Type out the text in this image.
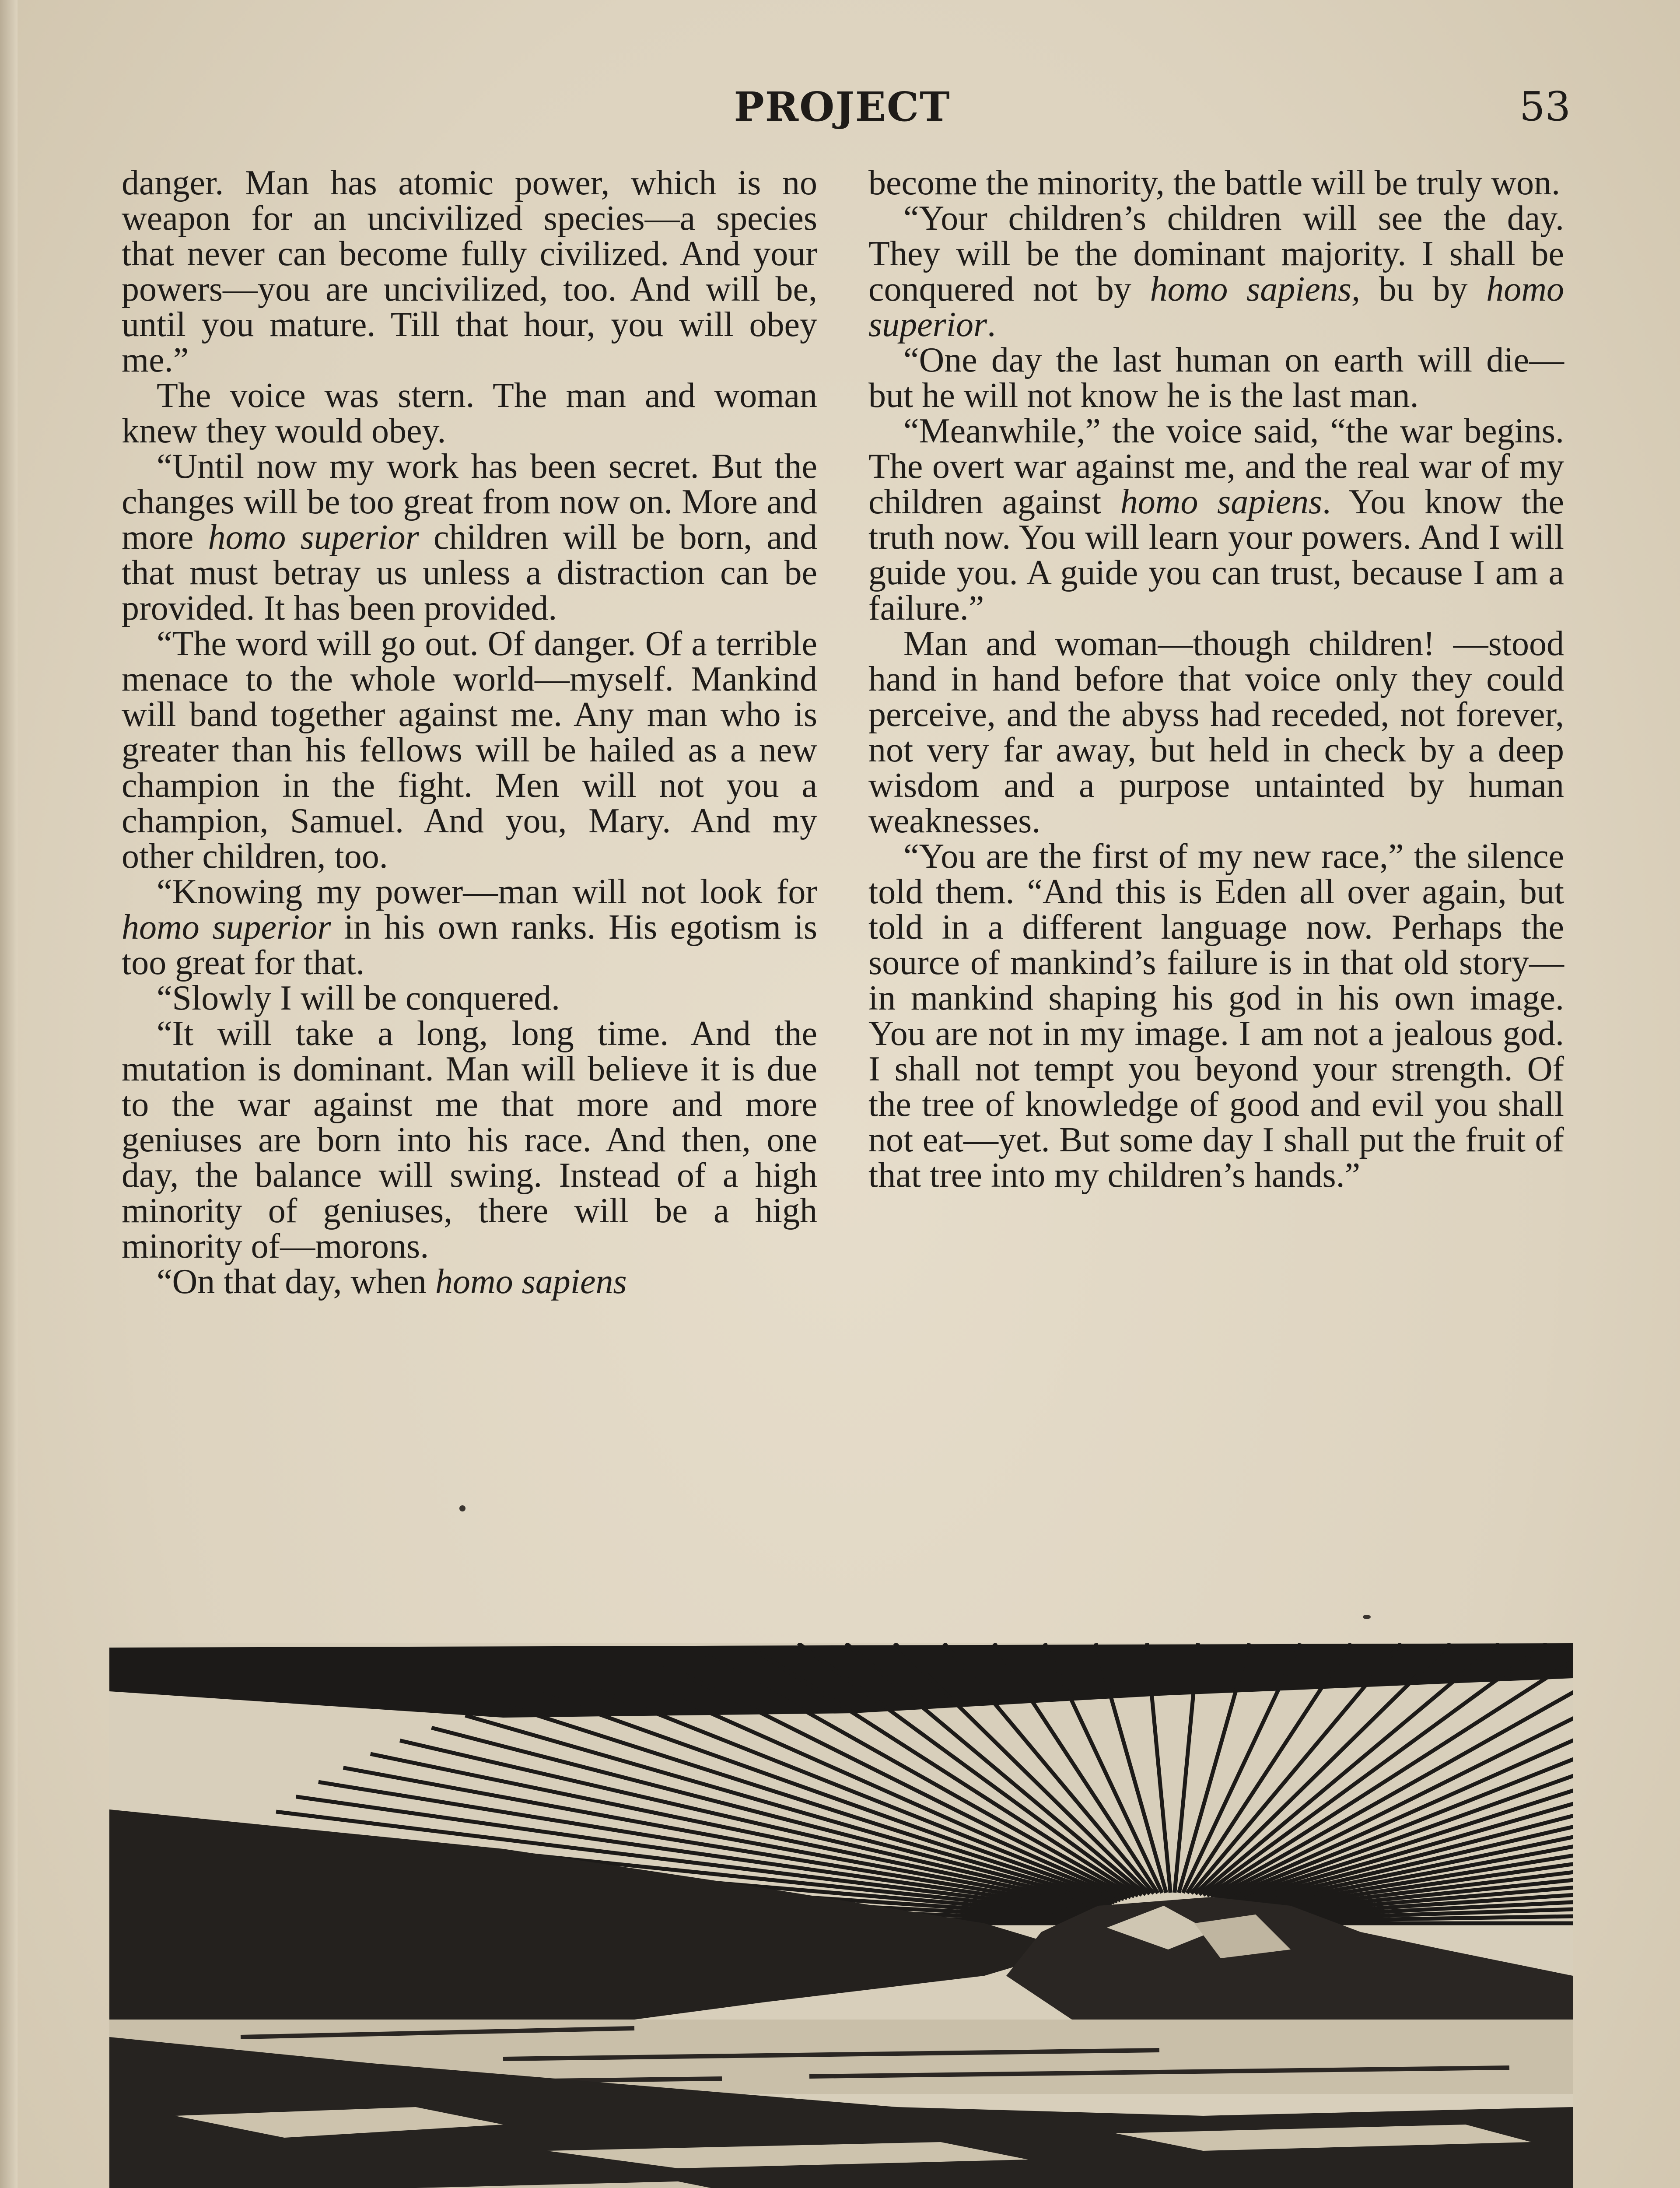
PROJECT	53

danger. Man has atomic power, which is no weapon for an uncivilized species—a species that never can become fully civilized. And your powers—you are uncivilized, too. And will be, until you mature. Till that hour, you will obey me.”

The voice was stern. The man and woman knew they would obey.

“Until now my work has been secret. But the changes will be too great from now on. More and more homo superior children will be born, and that must betray us unless a distraction can be provided. It has been provided.

“The word will go out. Of danger. Of a terrible menace to the whole world—myself. Mankind will band together against me. Any man who is greater than his fellows will be hailed as a new champion in the fight. Men will not you a champion, Samuel. And you, Mary. And my other children, too.

“Knowing my power—man will not look for homo superior in his own ranks. His egotism is too great for that.

“Slowly I will be conquered.

“It will take a long, long time. And the mutation is dominant. Man will believe it is due to the war against me that more and more geniuses are born into his race. And then, one day, the balance will swing. Instead of a high minority of geniuses, there will be a high minority of—morons.

“On that day, when homo sapiens

become the minority, the battle will be truly won.

“Your children’s children will see the day. They will be the dominant majority. I shall be conquered not by homo sapiens, bu by homo superior.

“One day the last human on earth will die—but he will not know he is the last man.

“Meanwhile,” the voice said, “the war begins. The overt war against me, and the real war of my children against homo sapiens. You know the truth now. You will learn your powers. And I will guide you. A guide you can trust, because I am a failure.”

Man and woman—though children! —stood hand in hand before that voice only they could perceive, and the abyss had receded, not forever, not very far away, but held in check by a deep wisdom and a purpose untainted by human weaknesses.

“You are the first of my new race,” the silence told them. “And this is Eden all over again, but told in a different language now. Perhaps the source of mankind’s failure is in that old story—in mankind shaping his god in his own image. You are not in my image. I am not a jealous god. I shall not tempt you beyond your strength. Of the tree of knowledge of good and evil you shall not eat—yet. But some day I shall put the fruit of that tree into my children’s hands.”
